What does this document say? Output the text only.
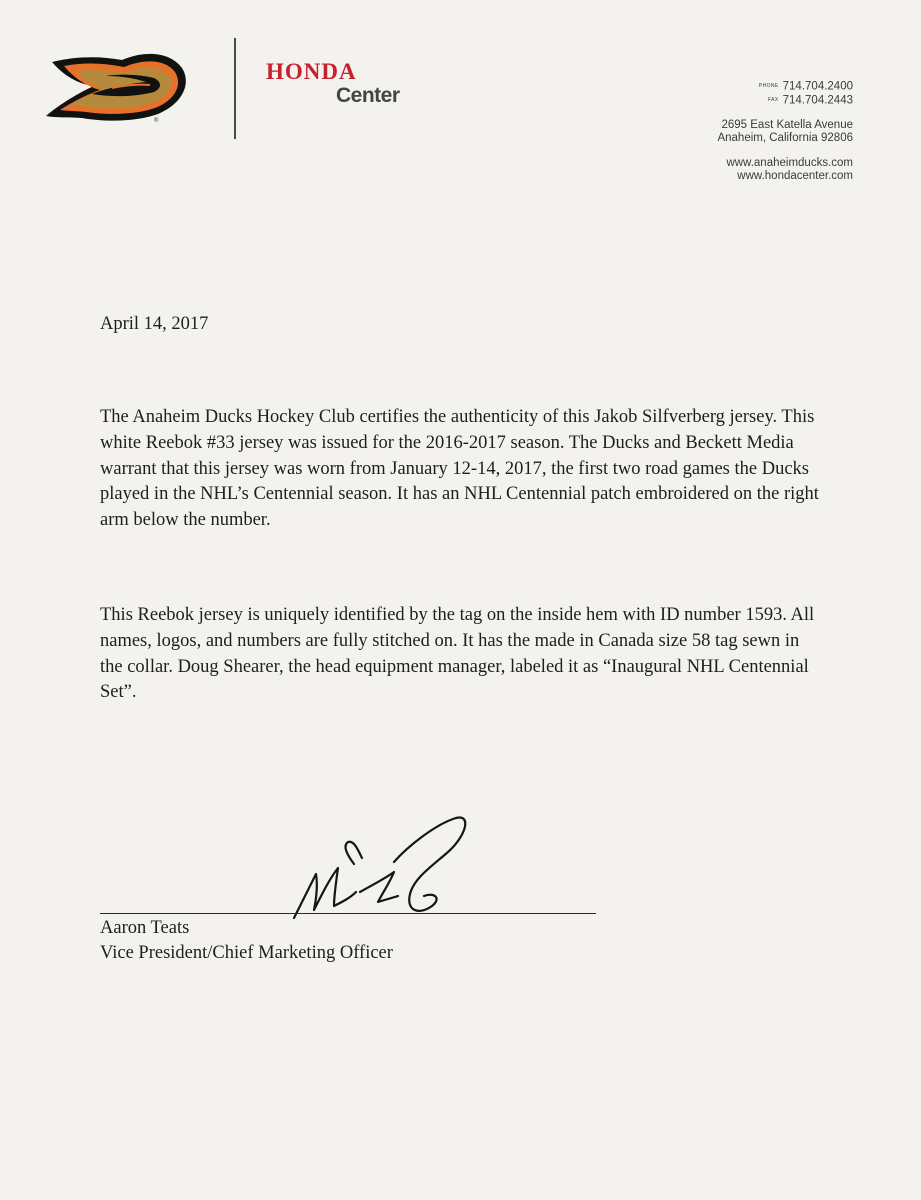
®
HONDA
Center	PHONE 714.704.2400
FAX 714.704.2443
2695 East Katella Avenue
Anaheim, California 92806
www.anaheimducks.com
www.hondacenter.com
April 14, 2017

The Anaheim Ducks Hockey Club certifies the authenticity of this Jakob Silfverberg jersey. This white Reebok #33 jersey was issued for the 2016-2017 season. The Ducks and Beckett Media warrant that this jersey was worn from January 12-14, 2017, the first two road games the Ducks played in the NHL’s Centennial season. It has an NHL Centennial patch embroidered on the right arm below the number.

This Reebok jersey is uniquely identified by the tag on the inside hem with ID number 1593. All names, logos, and numbers are fully stitched on. It has the made in Canada size 58 tag sewn in the collar. Doug Shearer, the head equipment manager, labeled it as “Inaugural NHL Centennial Set”.

Aaron Teats
Vice President/Chief Marketing Officer
